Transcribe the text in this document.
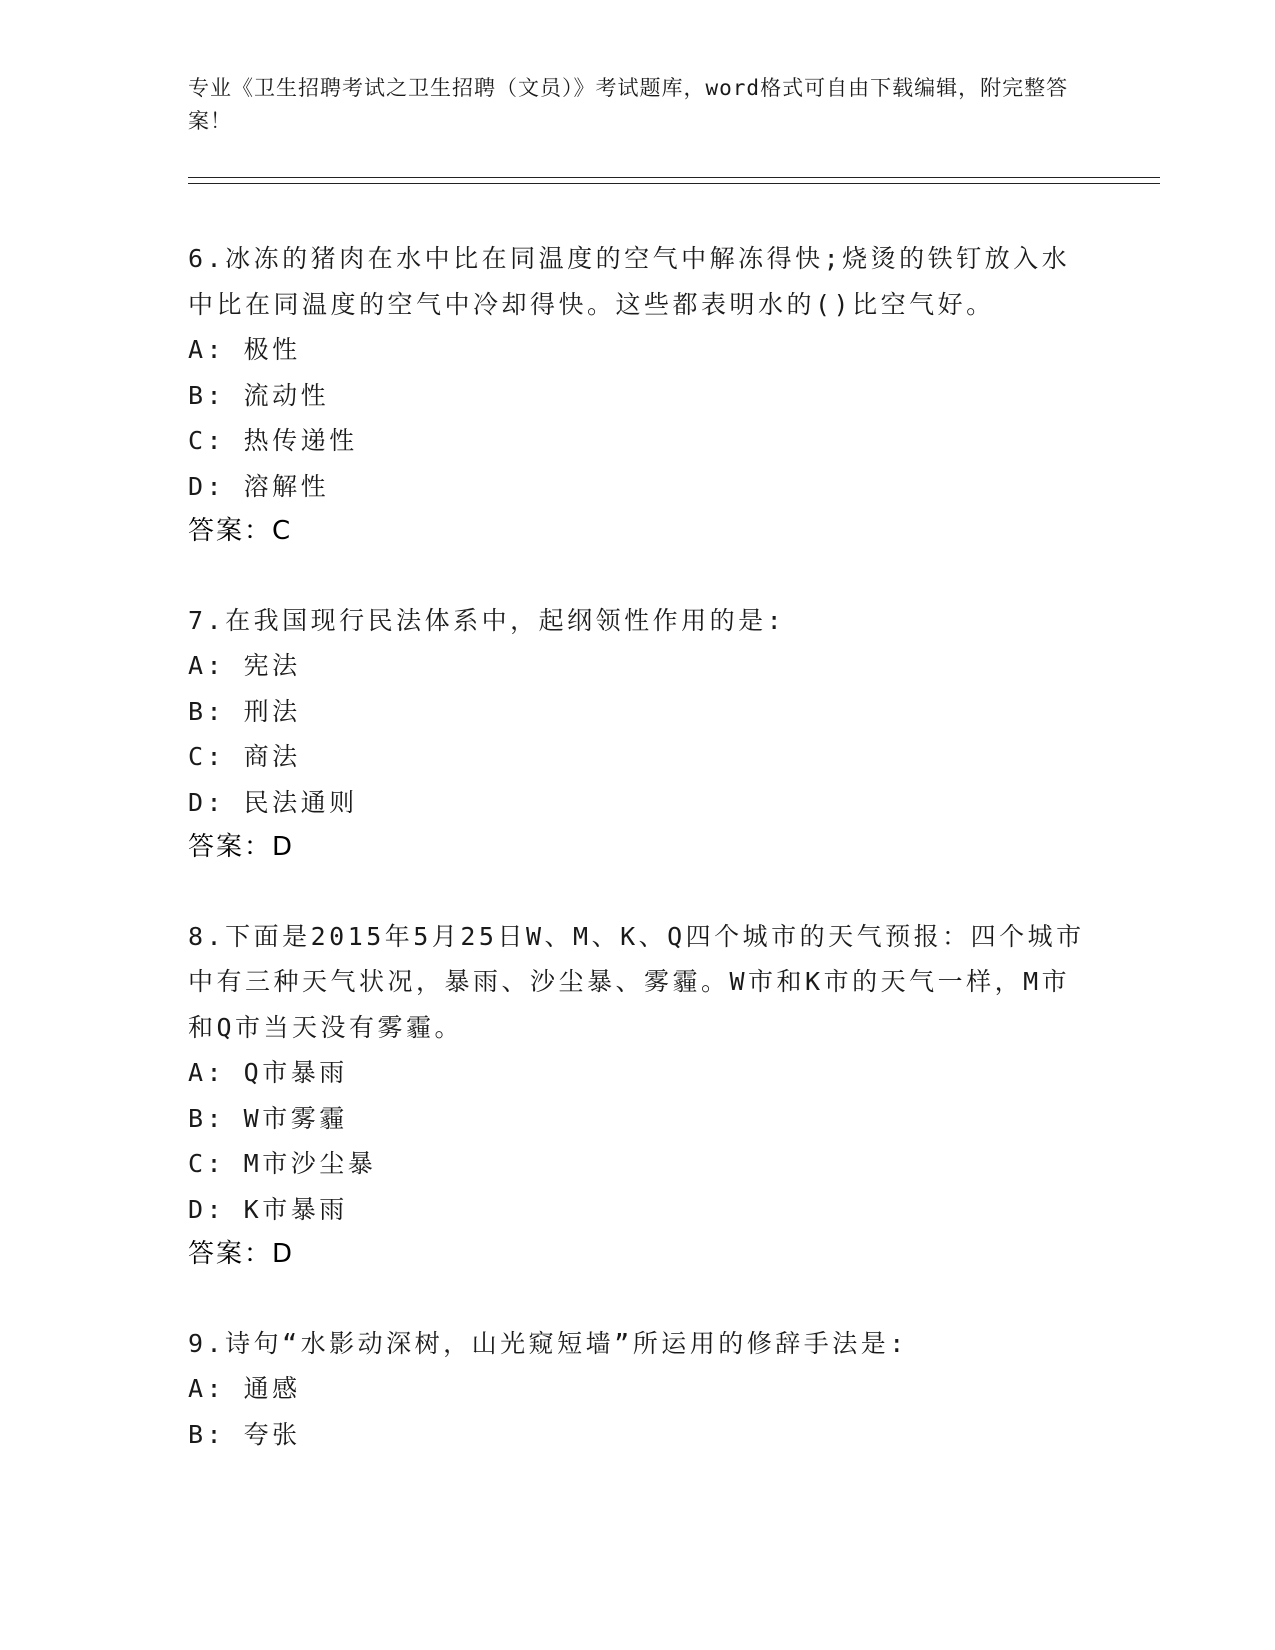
专业《卫生招聘考试之卫生招聘（文员）》考试题库，word格式可自由下载编辑，附完整答案！
6.冰冻的猪肉在水中比在同温度的空气中解冻得快;烧烫的铁钉放入水中比在同温度的空气中冷却得快。这些都表明水的()比空气好。
A: 极性
B: 流动性
C: 热传递性
D: 溶解性
答案：C
7.在我国现行民法体系中，起纲领性作用的是:
A: 宪法
B: 刑法
C: 商法
D: 民法通则
答案：D
8.下面是2015年5月25日W、M、K、Q四个城市的天气预报：四个城市中有三种天气状况，暴雨、沙尘暴、雾霾。W市和K市的天气一样，M市和Q市当天没有雾霾。
A: Q市暴雨
B: W市雾霾
C: M市沙尘暴
D: K市暴雨
答案：D
9.诗句“水影动深树，山光窥短墙”所运用的修辞手法是:
A: 通感
B: 夸张
